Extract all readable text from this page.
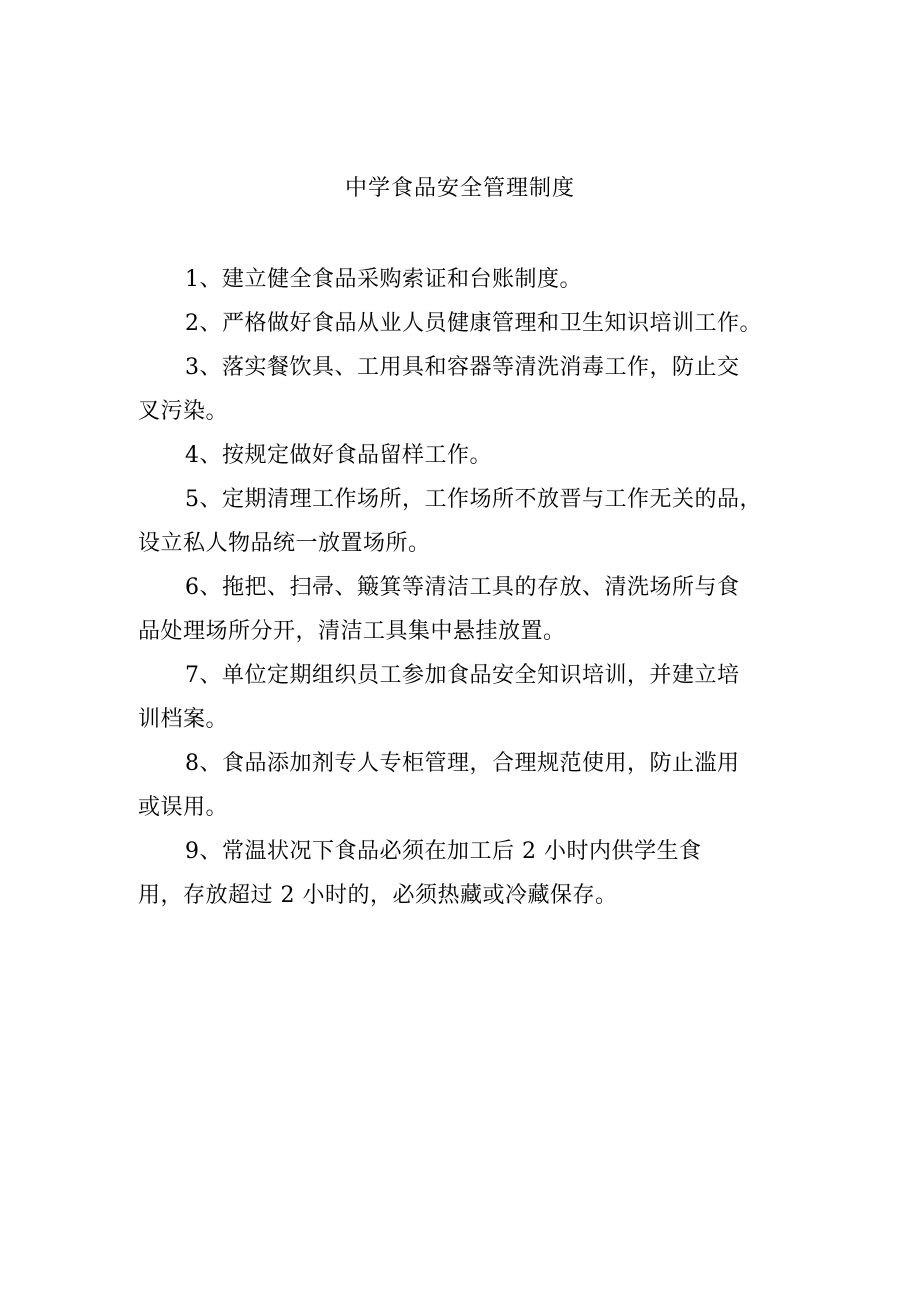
中学食品安全管理制度
1、建立健全食品采购索证和台账制度。
2、严格做好食品从业人员健康管理和卫生知识培训工作。
3、落实餐饮具、工用具和容器等清洗消毒工作，防止交
叉污染。
4、按规定做好食品留样工作。
5、定期清理工作场所，工作场所不放晋与工作无关的品，
设立私人物品统一放置场所。
6、拖把、扫帚、簸箕等清洁工具的存放、清洗场所与食
品处理场所分开，清洁工具集中悬挂放置。
7、单位定期组织员工参加食品安全知识培训，并建立培
训档案。
8、食品添加剂专人专柜管理，合理规范使用，防止滥用
或误用。
9、常温状况下食品必须在加工后 2 小时内供学生食
用，存放超过 2 小时的，必须热藏或冷藏保存。
